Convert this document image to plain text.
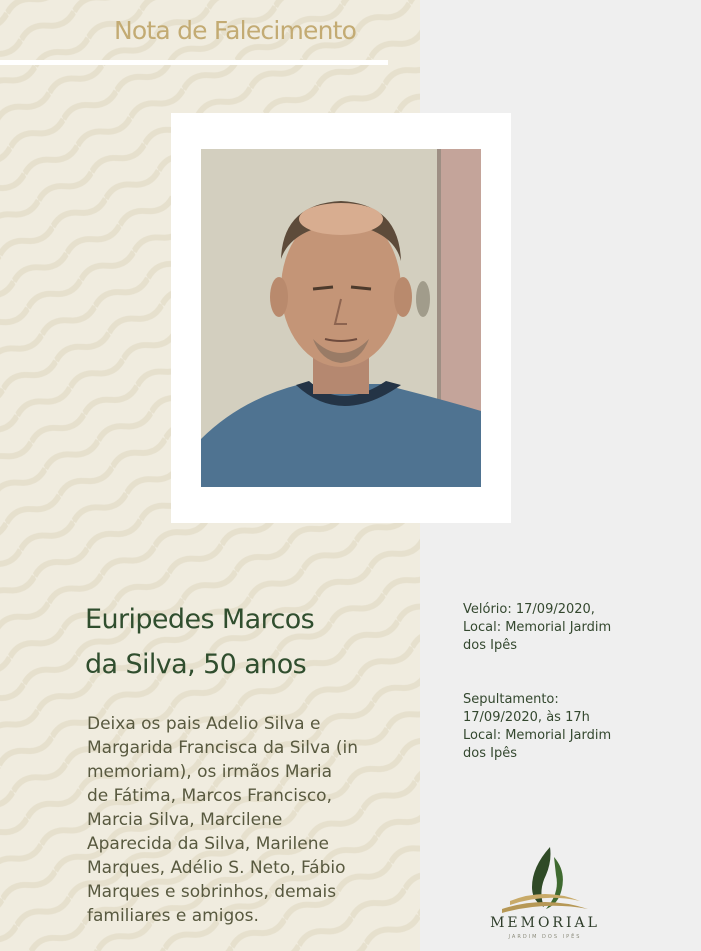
Nota de Falecimento
Euripedes Marcos
da Silva, 50 anos
Deixa os pais Adelio Silva e
Margarida Francisca da Silva (in
memoriam), os irmãos Maria
de Fátima, Marcos Francisco,
Marcia Silva, Marcilene
Aparecida da Silva, Marilene
Marques, Adélio S. Neto, Fábio
Marques e sobrinhos, demais
familiares e amigos.

Velório: 17/09/2020,
Local: Memorial Jardim
dos Ipês

Sepultamento:
17/09/2020, às 17h
Local: Memorial Jardim
dos Ipês

MEMORIAL
JARDIM DOS IPÊS
